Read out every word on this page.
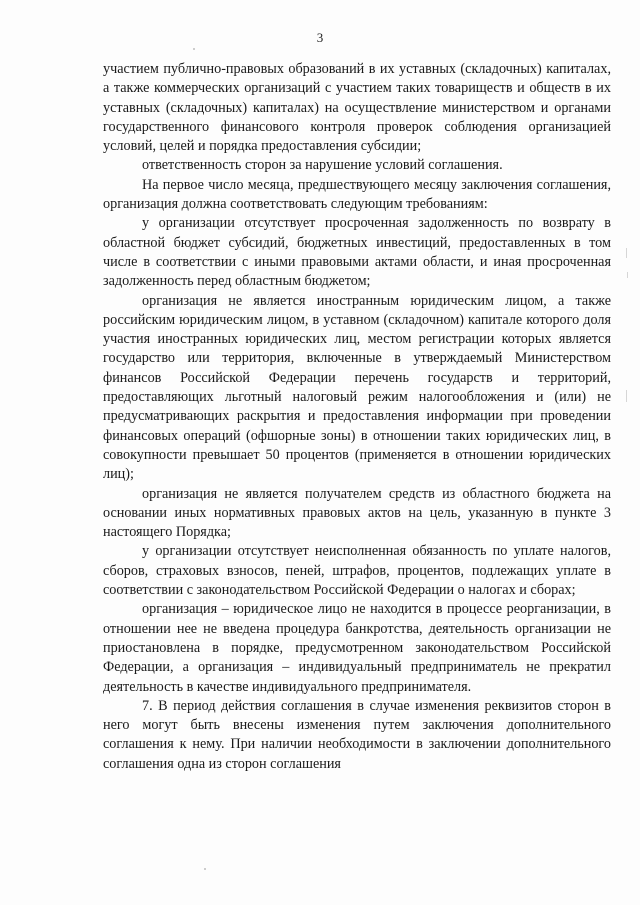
3

участием публично-правовых образований в их уставных (складочных) капиталах, а также коммерческих организаций с участием таких товариществ и обществ в их уставных (складочных) капиталах) на осуществление министерством и органами государственного финансового контроля проверок соблюдения организацией условий, целей и порядка предоставления субсидии;

ответственность сторон за нарушение условий соглашения.

На первое число месяца, предшествующего месяцу заключения соглашения, организация должна соответствовать следующим требованиям:

у организации отсутствует просроченная задолженность по возврату в областной бюджет субсидий, бюджетных инвестиций, предоставленных в том числе в соответствии с иными правовыми актами области, и иная просроченная задолженность перед областным бюджетом;

организация не является иностранным юридическим лицом, а также российским юридическим лицом, в уставном (складочном) капитале которого доля участия иностранных юридических лиц, местом регистрации которых является государство или территория, включенные в утверждаемый Министерством финансов Российской Федерации перечень государств и территорий, предоставляющих льготный налоговый режим налогообложения и (или) не предусматривающих раскрытия и предоставления информации при проведении финансовых операций (офшорные зоны) в отношении таких юридических лиц, в совокупности превышает 50 процентов (применяется в отношении юридических лиц);

организация не является получателем средств из областного бюджета на основании иных нормативных правовых актов на цель, указанную в пункте 3 настоящего Порядка;

у организации отсутствует неисполненная обязанность по уплате налогов, сборов, страховых взносов, пеней, штрафов, процентов, подлежащих уплате в соответствии с законодательством Российской Федерации о налогах и сборах;

организация – юридическое лицо не находится в процессе реорганизации, в отношении нее не введена процедура банкротства, деятельность организации не приостановлена в порядке, предусмотренном законодательством Российской Федерации, а организация – индивидуальный предприниматель не прекратил деятельность в качестве индивидуального предпринимателя.

7. В период действия соглашения в случае изменения реквизитов сторон в него могут быть внесены изменения путем заключения дополнительного соглашения к нему. При наличии необходимости в заключении дополнительного соглашения одна из сторон соглашения
